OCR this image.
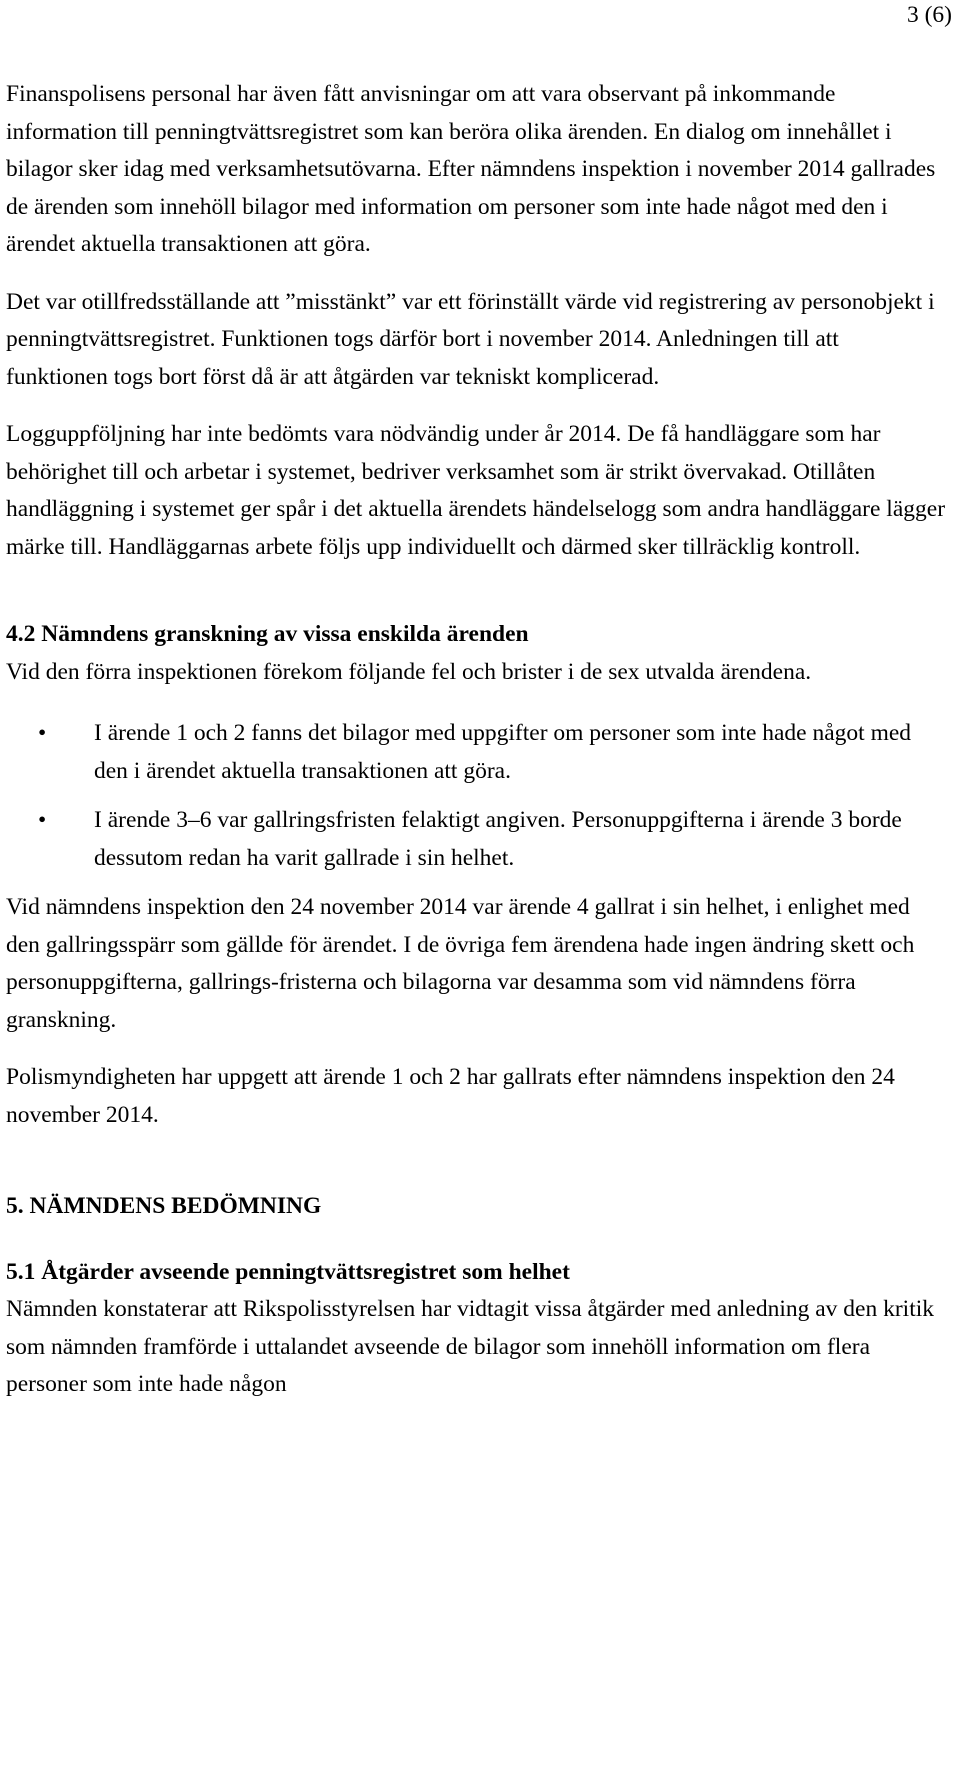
3 (6)

Finanspolisens personal har även fått anvisningar om att vara observant på inkommande information till penningtvättsregistret som kan beröra olika ärenden. En dialog om innehållet i bilagor sker idag med verksamhetsutövarna. Efter nämndens inspektion i november 2014 gallrades de ärenden som innehöll bilagor med information om personer som inte hade något med den i ärendet aktuella transaktionen att göra.

Det var otillfredsställande att ”misstänkt” var ett förinställt värde vid registrering av personobjekt i penningtvättsregistret. Funktionen togs därför bort i november 2014. Anledningen till att funktionen togs bort först då är att åtgärden var tekniskt komplicerad.

Logguppföljning har inte bedömts vara nödvändig under år 2014. De få handläggare som har behörighet till och arbetar i systemet, bedriver verksamhet som är strikt övervakad. Otillåten handläggning i systemet ger spår i det aktuella ärendets händelselogg som andra handläggare lägger märke till. Handläggarnas arbete följs upp individuellt och därmed sker tillräcklig kontroll.

4.2 Nämndens granskning av vissa enskilda ärenden

Vid den förra inspektionen förekom följande fel och brister i de sex utvalda ärendena.

• I ärende 1 och 2 fanns det bilagor med uppgifter om personer som inte hade något med den i ärendet aktuella transaktionen att göra.
• I ärende 3–6 var gallringsfristen felaktigt angiven. Personuppgifterna i ärende 3 borde dessutom redan ha varit gallrade i sin helhet.

Vid nämndens inspektion den 24 november 2014 var ärende 4 gallrat i sin helhet, i enlighet med den gallringsspärr som gällde för ärendet. I de övriga fem ärendena hade ingen ändring skett och personuppgifterna, gallrings-fristerna och bilagorna var desamma som vid nämndens förra granskning.

Polismyndigheten har uppgett att ärende 1 och 2 har gallrats efter nämndens inspektion den 24 november 2014.

5. NÄMNDENS BEDÖMNING
5.1 Åtgärder avseende penningtvättsregistret som helhet

Nämnden konstaterar att Rikspolisstyrelsen har vidtagit vissa åtgärder med anledning av den kritik som nämnden framförde i uttalandet avseende de bilagor som innehöll information om flera personer som inte hade någon
